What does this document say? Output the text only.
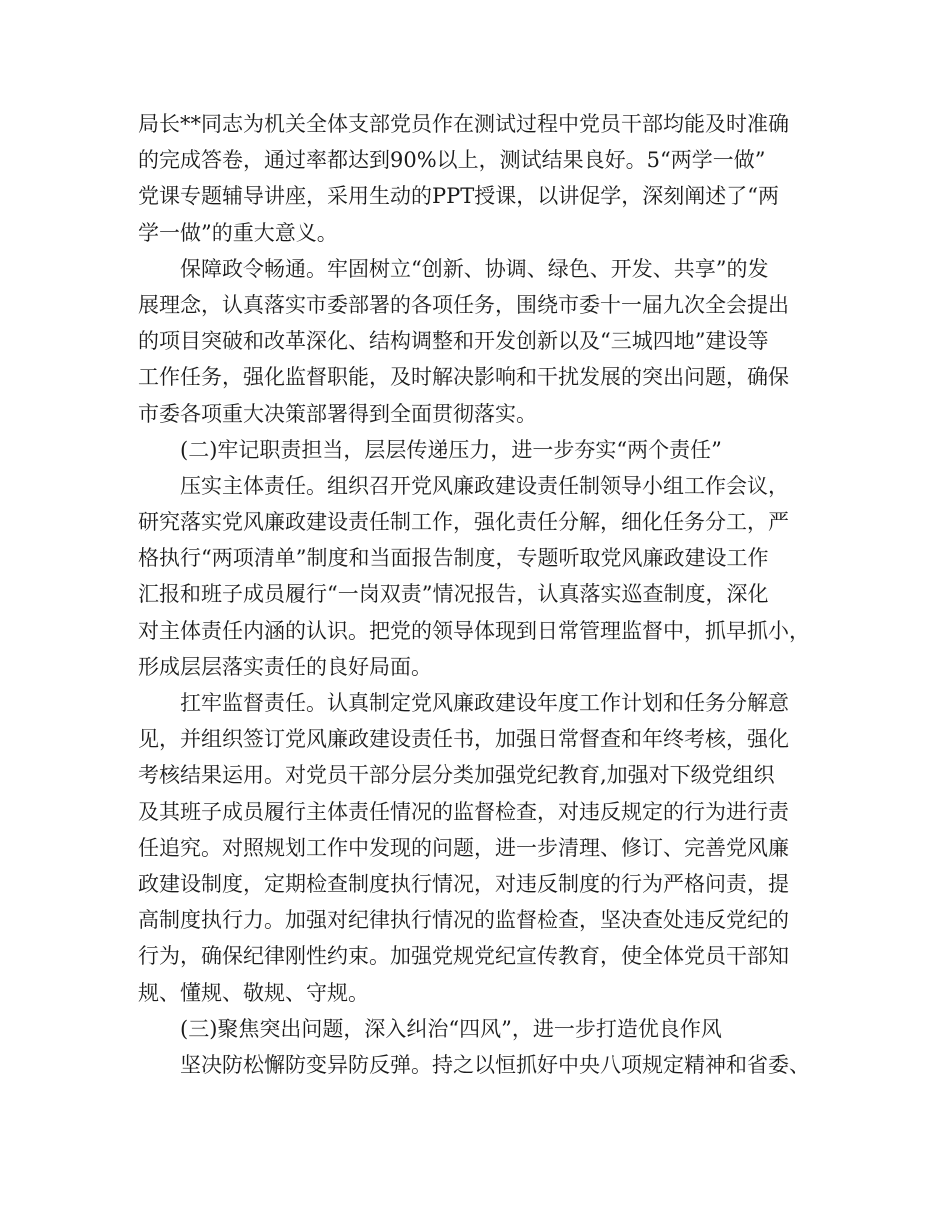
局长**同志为机关全体支部党员作在测试过程中党员干部均能及时准确
的完成答卷，通过率都达到90%以上，测试结果良好。5“两学一做”
党课专题辅导讲座，采用生动的PPT授课，以讲促学，深刻阐述了“两
学一做”的重大意义。
保障政令畅通。牢固树立“创新、协调、绿色、开发、共享”的发
展理念，认真落实市委部署的各项任务，围绕市委十一届九次全会提出
的项目突破和改革深化、结构调整和开发创新以及“三城四地”建设等
工作任务，强化监督职能，及时解决影响和干扰发展的突出问题，确保
市委各项重大决策部署得到全面贯彻落实。
(二)牢记职责担当，层层传递压力，进一步夯实“两个责任”
压实主体责任。组织召开党风廉政建设责任制领导小组工作会议，
研究落实党风廉政建设责任制工作，强化责任分解，细化任务分工，严
格执行“两项清单”制度和当面报告制度，专题听取党风廉政建设工作
汇报和班子成员履行“一岗双责”情况报告，认真落实巡查制度，深化
对主体责任内涵的认识。把党的领导体现到日常管理监督中，抓早抓小，
形成层层落实责任的良好局面。
扛牢监督责任。认真制定党风廉政建设年度工作计划和任务分解意
见，并组织签订党风廉政建设责任书，加强日常督查和年终考核，强化
考核结果运用。对党员干部分层分类加强党纪教育,加强对下级党组织
及其班子成员履行主体责任情况的监督检查，对违反规定的行为进行责
任追究。对照规划工作中发现的问题，进一步清理、修订、完善党风廉
政建设制度，定期检查制度执行情况，对违反制度的行为严格问责，提
高制度执行力。加强对纪律执行情况的监督检查，坚决查处违反党纪的
行为，确保纪律刚性约束。加强党规党纪宣传教育，使全体党员干部知
规、懂规、敬规、守规。
(三)聚焦突出问题，深入纠治“四风”，进一步打造优良作风
坚决防松懈防变异防反弹。持之以恒抓好中央八项规定精神和省委、
